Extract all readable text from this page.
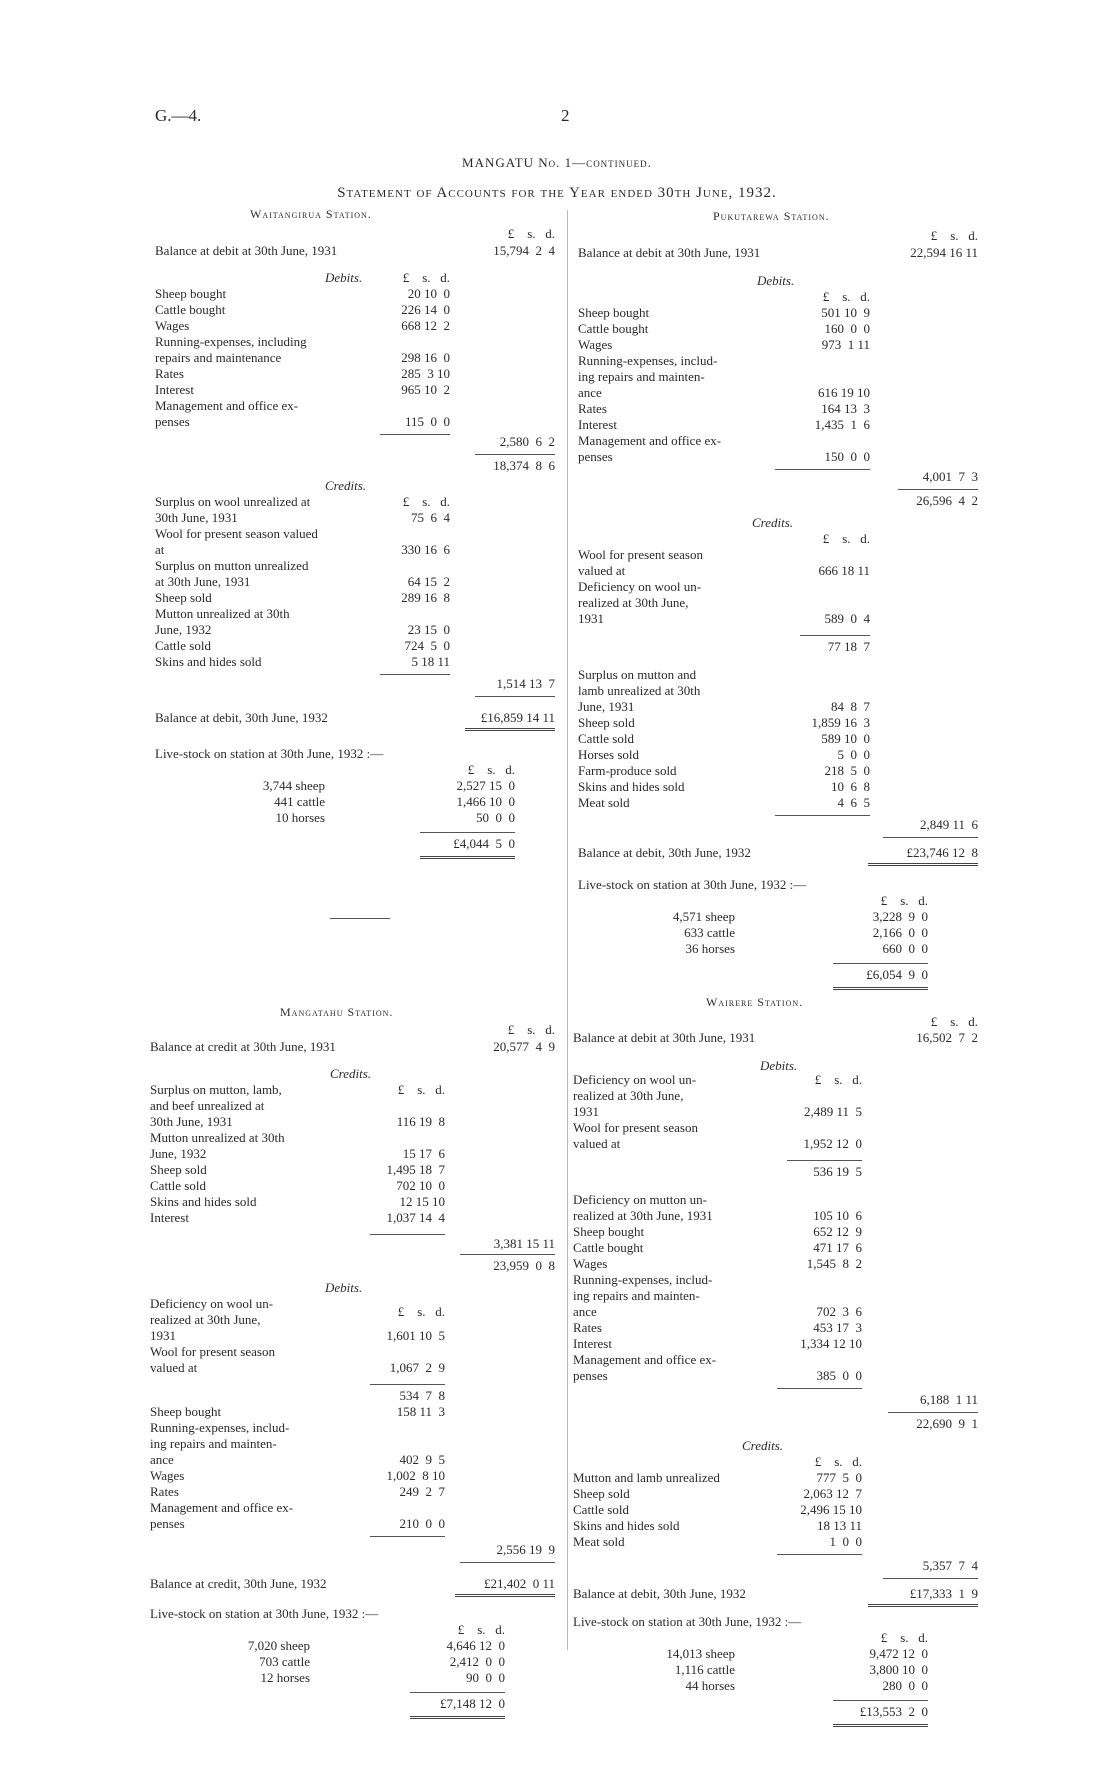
G.—4.	2
MANGATU No. 1—continued.
Statement of Accounts for the Year ended 30th June, 1932.
Waitangirua Station.	Pukutarewa Station.
Mangatahu Station.
Wairere Station.
£    s.   d.
Balance at debit at 30th June, 1931	15,794  2  4
Debits.	£    s.   d.
Sheep bought	20 10  0
Cattle bought	226 14  0
Wages	668 12  2
Running-expenses, including
repairs and maintenance	298 16  0
Rates	285  3 10
Interest	965 10  2
Management and office ex-
penses	115  0  0
2,580  6  2
18,374  8  6
Credits.
£    s.   d.
Surplus on wool unrealized at
30th June, 1931	75  6  4
Wool for present season valued
at	330 16  6
Surplus on mutton unrealized
at 30th June, 1931	64 15  2
Sheep sold	289 16  8
Mutton unrealized at 30th
June, 1932	23 15  0
Cattle sold	724  5  0
Skins and hides sold	5 18 11
1,514 13  7
Balance at debit, 30th June, 1932	£16,859 14 11
Live-stock on station at 30th June, 1932 :—
£    s.   d.
3,744 sheep	2,527 15  0
441 cattle	1,466 10  0
10 horses	50  0  0
£4,044  5  0
£    s.   d.
Balance at debit at 30th June, 1931	22,594 16 11
Debits.
£    s.   d.
Sheep bought	501 10  9
Cattle bought	160  0  0
Wages	973  1 11
Running-expenses, includ-
ing repairs and mainten-
ance	616 19 10
Rates	164 13  3
Interest	1,435  1  6
Management and office ex-
penses	150  0  0
4,001  7  3
26,596  4  2
Credits.
£    s.   d.
Wool for present season
valued at	666 18 11
Deficiency on wool un-
realized at 30th June,
1931	589  0  4
77 18  7
Surplus on mutton and
lamb unrealized at 30th
June, 1931	84  8  7
Sheep sold	1,859 16  3
Cattle sold	589 10  0
Horses sold	5  0  0
Farm-produce sold	218  5  0
Skins and hides sold	10  6  8
Meat sold	4  6  5
2,849 11  6
Balance at debit, 30th June, 1932	£23,746 12  8
Live-stock on station at 30th June, 1932 :—
£    s.   d.
4,571 sheep	3,228  9  0
633 cattle	2,166  0  0
36 horses	660  0  0
£6,054  9  0
£    s.   d.
Balance at credit at 30th June, 1931	20,577  4  9
Credits.
£    s.   d.
Surplus on mutton, lamb,
and beef unrealized at
30th June, 1931	116 19  8
Mutton unrealized at 30th
June, 1932	15 17  6
Sheep sold	1,495 18  7
Cattle sold	702 10  0
Skins and hides sold	12 15 10
Interest	1,037 14  4
3,381 15 11
23,959  0  8
Debits.
£    s.   d.
Deficiency on wool un-
realized at 30th June,
1931	1,601 10  5
Wool for present season
valued at	1,067  2  9
534  7  8
Sheep bought	158 11  3
Running-expenses, includ-
ing repairs and mainten-
ance	402  9  5
Wages	1,002  8 10
Rates	249  2  7
Management and office ex-
penses	210  0  0
2,556 19  9
Balance at credit, 30th June, 1932	£21,402  0 11
Live-stock on station at 30th June, 1932 :—
£    s.   d.
7,020 sheep	4,646 12  0
703 cattle	2,412  0  0
12 horses	90  0  0
£7,148 12  0
£    s.   d.
Balance at debit at 30th June, 1931	16,502  7  2
Debits.
£    s.   d.
Deficiency on wool un-
realized at 30th June,
1931	2,489 11  5
Wool for present season
valued at	1,952 12  0
536 19  5
Deficiency on mutton un-
realized at 30th June, 1931	105 10  6
Sheep bought	652 12  9
Cattle bought	471 17  6
Wages	1,545  8  2
Running-expenses, includ-
ing repairs and mainten-
ance	702  3  6
Rates	453 17  3
Interest	1,334 12 10
Management and office ex-
penses	385  0  0
6,188  1 11
22,690  9  1
Credits.
£    s.   d.
Mutton and lamb unrealized	777  5  0
Sheep sold	2,063 12  7
Cattle sold	2,496 15 10
Skins and hides sold	18 13 11
Meat sold	1  0  0
5,357  7  4
Balance at debit, 30th June, 1932	£17,333  1  9
Live-stock on station at 30th June, 1932 :—
£    s.   d.
14,013 sheep	9,472 12  0
1,116 cattle	3,800 10  0
44 horses	280  0  0
£13,553  2  0
